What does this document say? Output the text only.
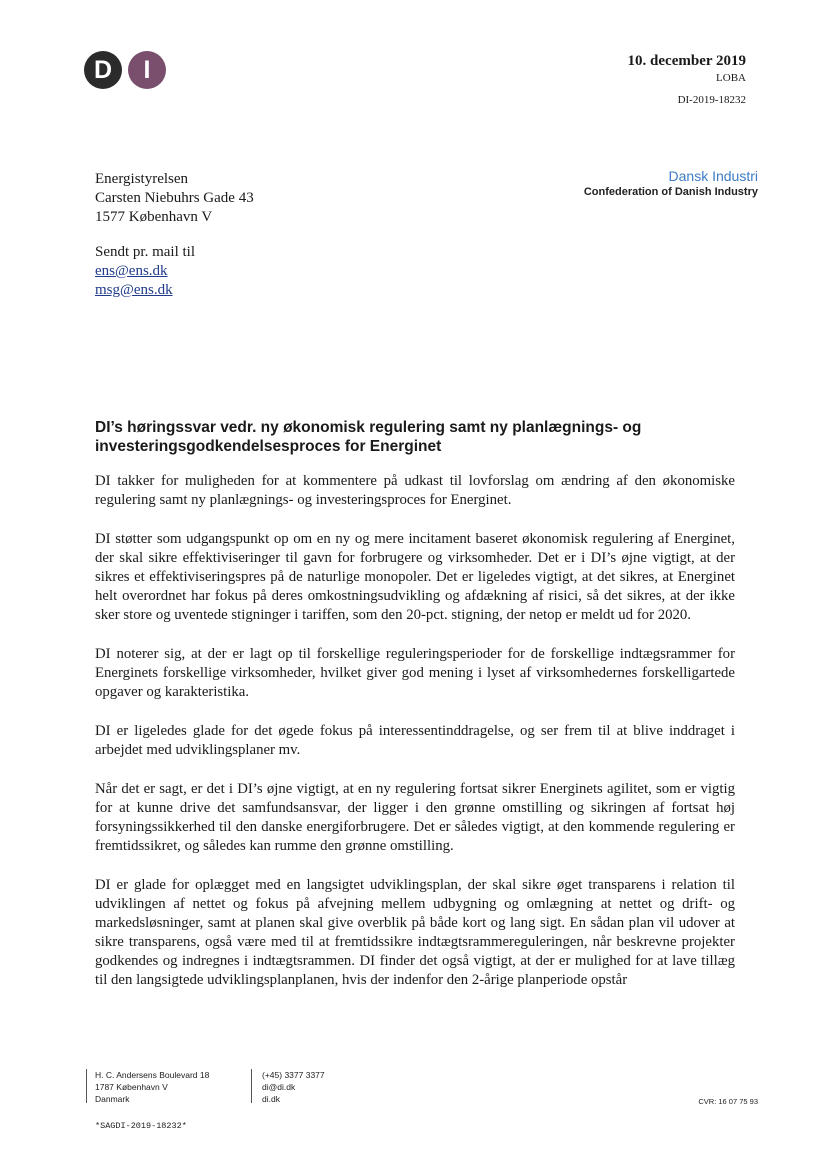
D	I	10. december 2019
LOBA
DI-2019-18232
Energistyrelsen
Carsten Niebuhrs Gade 43
1577 København V
Sendt pr. mail til
ens@ens.dk
msg@ens.dk
Dansk Industri
Confederation of Danish Industry
DI’s høringssvar vedr. ny økonomisk regulering samt ny planlægnings- og investeringsgodkendelsesproces for Energinet

DI takker for muligheden for at kommentere på udkast til lovforslag om ændring af den økonomiske regulering samt ny planlægnings- og investeringsproces for Energinet.

DI støtter som udgangspunkt op om en ny og mere incitament baseret økonomisk regulering af Energinet, der skal sikre effektiviseringer til gavn for forbrugere og virksomheder. Det er i DI’s øjne vigtigt, at der sikres et effektiviseringspres på de naturlige monopoler. Det er ligeledes vigtigt, at det sikres, at Energinet helt overordnet har fokus på deres omkostningsudvikling og afdækning af risici, så det sikres, at der ikke sker store og uventede stigninger i tariffen, som den 20-pct. stigning, der netop er meldt ud for 2020.

DI noterer sig, at der er lagt op til forskellige reguleringsperioder for de forskellige indtægsrammer for Energinets forskellige virksomheder, hvilket giver god mening i lyset af virksomhedernes forskelligartede opgaver og karakteristika.

DI er ligeledes glade for det øgede fokus på interessentinddragelse, og ser frem til at blive inddraget i arbejdet med udviklingsplaner mv.

Når det er sagt, er det i DI’s øjne vigtigt, at en ny regulering fortsat sikrer Energinets agilitet, som er vigtig for at kunne drive det samfundsansvar, der ligger i den grønne omstilling og sikringen af fortsat høj forsyningssikkerhed til den danske energiforbrugere. Det er således vigtigt, at den kommende regulering er fremtidssikret, og således kan rumme den grønne omstilling.

DI er glade for oplægget med en langsigtet udviklingsplan, der skal sikre øget transparens i relation til udviklingen af nettet og fokus på afvejning mellem udbygning og omlægning at nettet og drift- og markedsløsninger, samt at planen skal give overblik på både kort og lang sigt. En sådan plan vil udover at sikre transparens, også være med til at fremtidssikre indtægtsrammereguleringen, når beskrevne projekter godkendes og indregnes i indtægtsrammen. DI finder det også vigtigt, at der er mulighed for at lave tillæg til den langsigtede udviklingsplanplanen, hvis der indenfor den 2-årige planperiode opstår

H. C. Andersens Boulevard 18
1787 København V
Danmark
(+45) 3377 3377
di@di.dk
di.dk	CVR: 16 07 75 93
*SAGDI-2019-18232*
